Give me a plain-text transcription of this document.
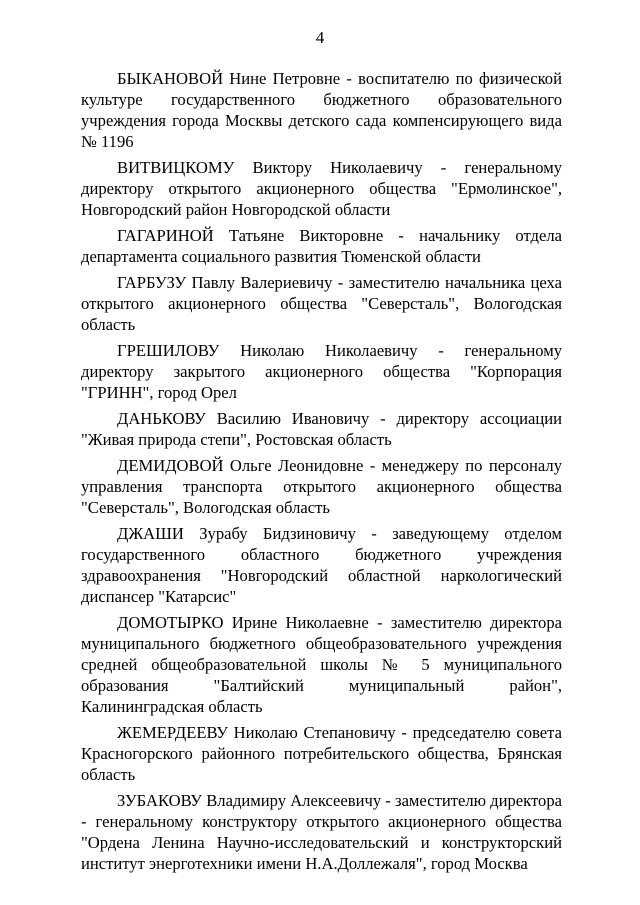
4

БЫКАНОВОЙ Нине Петровне - воспитателю по физической культуре государственного бюджетного образовательного учреждения города Москвы детского сада компенсирующего вида № 1196

ВИТВИЦКОМУ Виктору Николаевичу - генеральному директору открытого акционерного общества "Ермолинское", Новгородский район Новгородской области

ГАГАРИНОЙ Татьяне Викторовне - начальнику отдела департамента социального развития Тюменской области

ГАРБУЗУ Павлу Валериевичу - заместителю начальника цеха открытого акционерного общества "Северсталь", Вологодская область

ГРЕШИЛОВУ Николаю Николаевичу - генеральному директору закрытого акционерного общества "Корпорация "ГРИНН", город Орел

ДАНЬКОВУ Василию Ивановичу - директору ассоциации "Живая природа степи", Ростовская область

ДЕМИДОВОЙ Ольге Леонидовне - менеджеру по персоналу управления транспорта открытого акционерного общества "Северсталь", Вологодская область

ДЖАШИ Зурабу Бидзиновичу - заведующему отделом государственного областного бюджетного учреждения здравоохранения "Новгородский областной наркологический диспансер "Катарсис"

ДОМОТЫРКО Ирине Николаевне - заместителю директора муниципального бюджетного общеобразовательного учреждения средней общеобразовательной школы № 5 муниципального образования "Балтийский муниципальный район", Калининградская область

ЖЕМЕРДЕЕВУ Николаю Степановичу - председателю совета Красногорского районного потребительского общества, Брянская область

ЗУБАКОВУ Владимиру Алексеевичу - заместителю директора - генеральному конструктору открытого акционерного общества "Ордена Ленина Научно-исследовательский и конструкторский институт энерготехники имени Н.А.Доллежаля", город Москва
